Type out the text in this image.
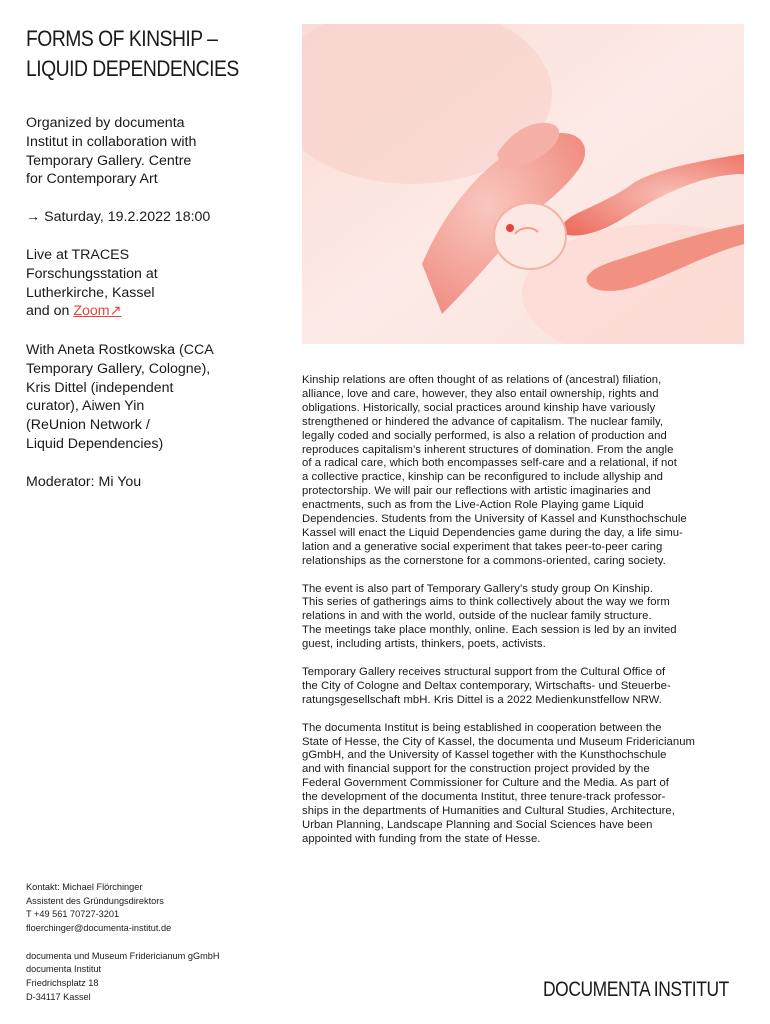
FORMS OF KINSHIP –
LIQUID DEPENDENCIES

Organized by documenta

Institut in collaboration with

Temporary Gallery. Centre

for Contemporary Art

→ Saturday, 19.2.2022 18:00

Live at TRACES

Forschungsstation at

Lutherkirche, Kassel

and on Zoom↗

With Aneta Rostkowska (CCA

Temporary Gallery, Cologne),

Kris Dittel (independent

curator), Aiwen Yin

(ReUnion Network /

Liquid Dependencies)

Moderator: Mi You

Kinship relations are often thought of as relations of (ancestral) filiation,
alliance, love and care, however, they also entail ownership, rights and
obligations. Historically, social practices around kinship have variously
strengthened or hindered the advance of capitalism. The nuclear family,
legally coded and socially performed, is also a relation of production and
reproduces capitalism’s inherent structures of domination. From the angle
of a radical care, which both encompasses self-care and a relational, if not
a collective practice, kinship can be reconfigured to include allyship and
protectorship. We will pair our reflections with artistic imaginaries and
enactments, such as from the Live-Action Role Playing game Liquid
Dependencies. Students from the University of Kassel and Kunsthochschule
Kassel will enact the Liquid Dependencies game during the day, a life simu-
lation and a generative social experiment that takes peer-to-peer caring
relationships as the cornerstone for a commons-oriented, caring society.

The event is also part of Temporary Gallery’s study group On Kinship.
This series of gatherings aims to think collectively about the way we form
relations in and with the world, outside of the nuclear family structure.
The meetings take place monthly, online. Each session is led by an invited
guest, including artists, thinkers, poets, activists.

Temporary Gallery receives structural support from the Cultural Office of
the City of Cologne and Deltax contemporary, Wirtschafts- und Steuerbe-
ratungsgesellschaft mbH. Kris Dittel is a 2022 Medienkunstfellow NRW.

The documenta Institut is being established in cooperation between the
State of Hesse, the City of Kassel, the documenta und Museum Fridericianum
gGmbH, and the University of Kassel together with the Kunsthochschule
and with financial support for the construction project provided by the
Federal Government Commissioner for Culture and the Media. As part of
the development of the documenta Institut, three tenure-track professor-
ships in the departments of Humanities and Cultural Studies, Architecture,
Urban Planning, Landscape Planning and Social Sciences have been
appointed with funding from the state of Hesse.

Kontakt: Michael Flörchinger
Assistent des Gründungsdirektors
T +49 561 70727-3201
floerchinger@documenta-institut.de
documenta und Museum Fridericianum gGmbH
documenta Institut
Friedrichsplatz 18
D-34117 Kassel	DOCUMENTA INSTITUT
